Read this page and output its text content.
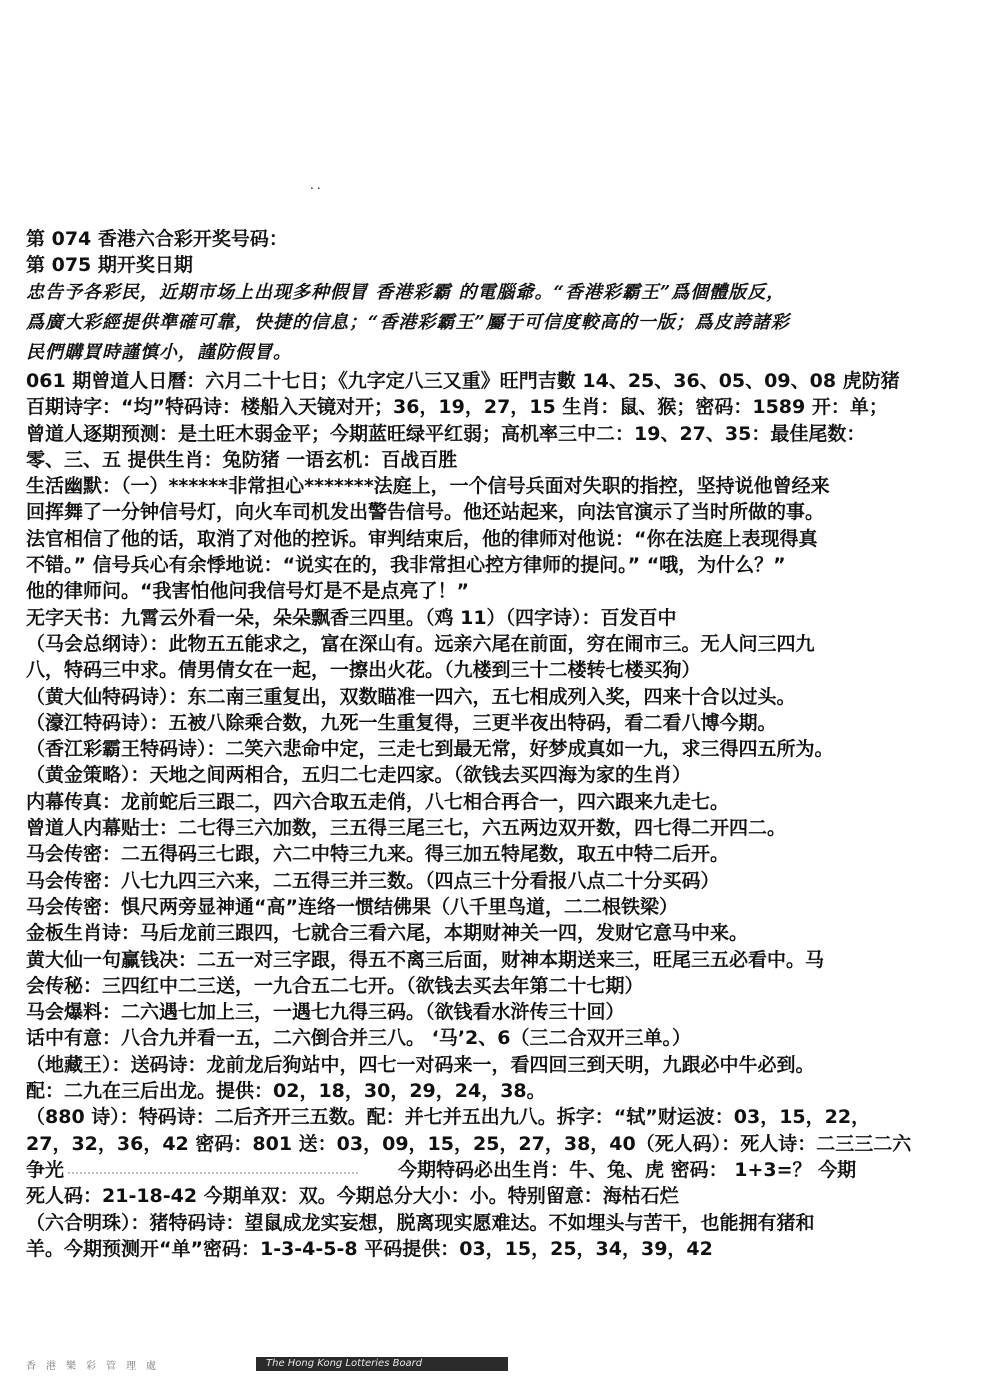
..
第 074 香港六合彩开奖号码：
第 075 期开奖日期
忠告予各彩民，近期市场上出现多种假冒 香港彩霸 的電腦爺。“香港彩霸王”爲個體版反，
爲廣大彩經提供準確可靠，快捷的信息；“香港彩霸王”屬于可信度較高的一版；爲皮誇諸彩
民們購買時謹慎小，謹防假冒。
061 期曾道人日曆：六月二十七日；《九字定八三又重》旺門吉數 14、25、36、05、09、08 虎防猪
百期诗字：“均”特码诗：楼船入天镜对开；36，19，27，15 生肖：鼠、猴；密码：1589 开：单；
曾道人逐期预测：是土旺木弱金平；今期蓝旺绿平红弱；高机率三中二：19、27、35：最佳尾数：
零、三、五 提供生肖：兔防猪 一语玄机：百战百胜
生活幽默：（一）******非常担心*******法庭上，一个信号兵面对失职的指控，坚持说他曾经来
回挥舞了一分钟信号灯，向火车司机发出警告信号。他还站起来，向法官演示了当时所做的事。
法官相信了他的话，取消了对他的控诉。审判结束后，他的律师对他说：“你在法庭上表现得真
不错。” 信号兵心有余悸地说：“说实在的，我非常担心控方律师的提问。” “哦，为什么？”
他的律师问。“我害怕他问我信号灯是不是点亮了！”
无字天书：九霄云外看一朵，朵朵飘香三四里。（鸡 11）（四字诗）：百发百中
（马会总纲诗）：此物五五能求之，富在深山有。远亲六尾在前面，穷在闹市三。无人问三四九
八，特码三中求。倩男倩女在一起，一擦出火花。（九楼到三十二楼转七楼买狗）
（黄大仙特码诗）：东二南三重复出，双数瞄准一四六，五七相成列入奖，四来十合以过头。
（濠江特码诗）：五被八除乘合数，九死一生重复得，三更半夜出特码，看二看八博今期。
（香江彩霸王特码诗）：二笑六悲命中定，三走七到最无常，好梦成真如一九，求三得四五所为。
（黄金策略）：天地之间两相合，五归二七走四家。（欲钱去买四海为家的生肖）
内幕传真：龙前蛇后三跟二，四六合取五走俏，八七相合再合一，四六跟来九走七。
曾道人内幕贴士：二七得三六加数，三五得三尾三七，六五两边双开数，四七得二开四二。
马会传密：二五得码三七跟，六二中特三九来。得三加五特尾数，取五中特二后开。
马会传密：八七九四三六来，二五得三并三数。（四点三十分看报八点二十分买码）
马会传密：惧尺两旁显神通“高”连络一惯结佛果（八千里鸟道，二二根铁梁）
金板生肖诗：马后龙前三跟四，七就合三看六尾，本期财神关一四，发财它意马中来。
黄大仙一句赢钱决：二五一对三字跟，得五不离三后面，财神本期送来三，旺尾三五必看中。马
会传秘：三四红中二三送，一九合五二七开。（欲钱去买去年第二十七期）
马会爆料：二六遇七加上三，一遇七九得三码。（欲钱看水浒传三十回）
话中有意：八合九并看一五，二六倒合并三八。 ‘马’2、6（三二合双开三单。）
（地藏王）：送码诗：龙前龙后狗站中，四七一对码来一，看四回三到天明，九跟必中牛必到。
配：二九在三后出龙。提供：02，18，30，29，24，38。
（880 诗）：特码诗：二后齐开三五数。配：并七并五出九八。拆字：“轼”财运波：03，15，22，
27，32，36，42 密码：801 送：03，09，15，25，27，38，40（死人码）：死人诗：二三三二六
争光	今期特码必出生肖：牛、兔、虎 密码： 1+3=？ 今期
死人码：21-18-42 今期单双：双。今期总分大小：小。特别留意：海枯石烂
（六合明珠）：猪特码诗：望鼠成龙实妄想，脱离现实愿难达。不如埋头与苦干，也能拥有猪和
羊。今期预测开“单”密码：1-3-4-5-8 平码提供：03，15，25，34，39，42
香港樂彩管理處	The Hong Kong Lotteries Board
